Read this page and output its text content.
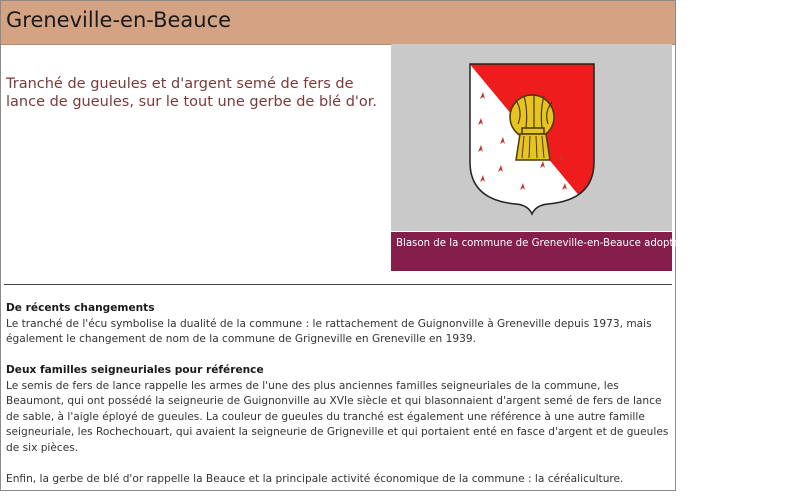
Greneville-en-Beauce
Tranché de gueules et d'argent semé de fers de lance de gueules, sur le tout une gerbe de blé d'or.
Blason de la commune de Greneville-en-Beauce adopté le 23 septembre 2004.
De récents changements

Le tranché de l'écu symbolise la dualité de la commune : le rattachement de Guignonville à Greneville depuis 1973, mais également le changement de nom de la commune de Grigneville en Greneville en 1939.

Deux familles seigneuriales pour référence

Le semis de fers de lance rappelle les armes de l'une des plus anciennes familles seigneuriales de la commune, les Beaumont, qui ont possédé la seigneurie de Guignonville au XVIe siècle et qui blasonnaient d'argent semé de fers de lance de sable, à l'aigle éployé de gueules. La couleur de gueules du tranché est également une référence à une autre famille seigneuriale, les Rochechouart, qui avaient la seigneurie de Grigneville et qui portaient enté en fasce d'argent et de gueules de six pièces.

Enfin, la gerbe de blé d'or rappelle la Beauce et la principale activité économique de la commune : la céréaliculture.
